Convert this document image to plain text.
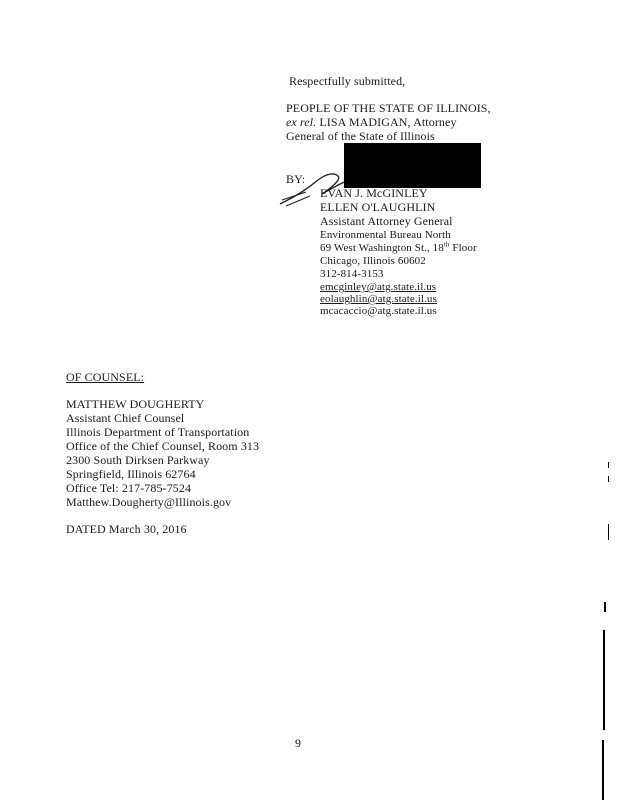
Respectfully submitted,
PEOPLE OF THE STATE OF ILLINOIS,
ex rel. LISA MADIGAN, Attorney
General of the State of Illinois
BY:
EVAN J. McGINLEY
ELLEN O'LAUGHLIN
Assistant Attorney General
Environmental Bureau North
69 West Washington St., 18th Floor
Chicago, Illinois 60602
312-814-3153
emcginley@atg.state.il.us
eolaughlin@atg.state.il.us
mcacaccio@atg.state.il.us
OF COUNSEL:
MATTHEW DOUGHERTY
Assistant Chief Counsel
Illinois Department of Transportation
Office of the Chief Counsel, Room 313
2300 South Dirksen Parkway
Springfield, Illinois 62764
Office Tel: 217-785-7524
Matthew.Dougherty@Illinois.gov
DATED March 30, 2016
9
